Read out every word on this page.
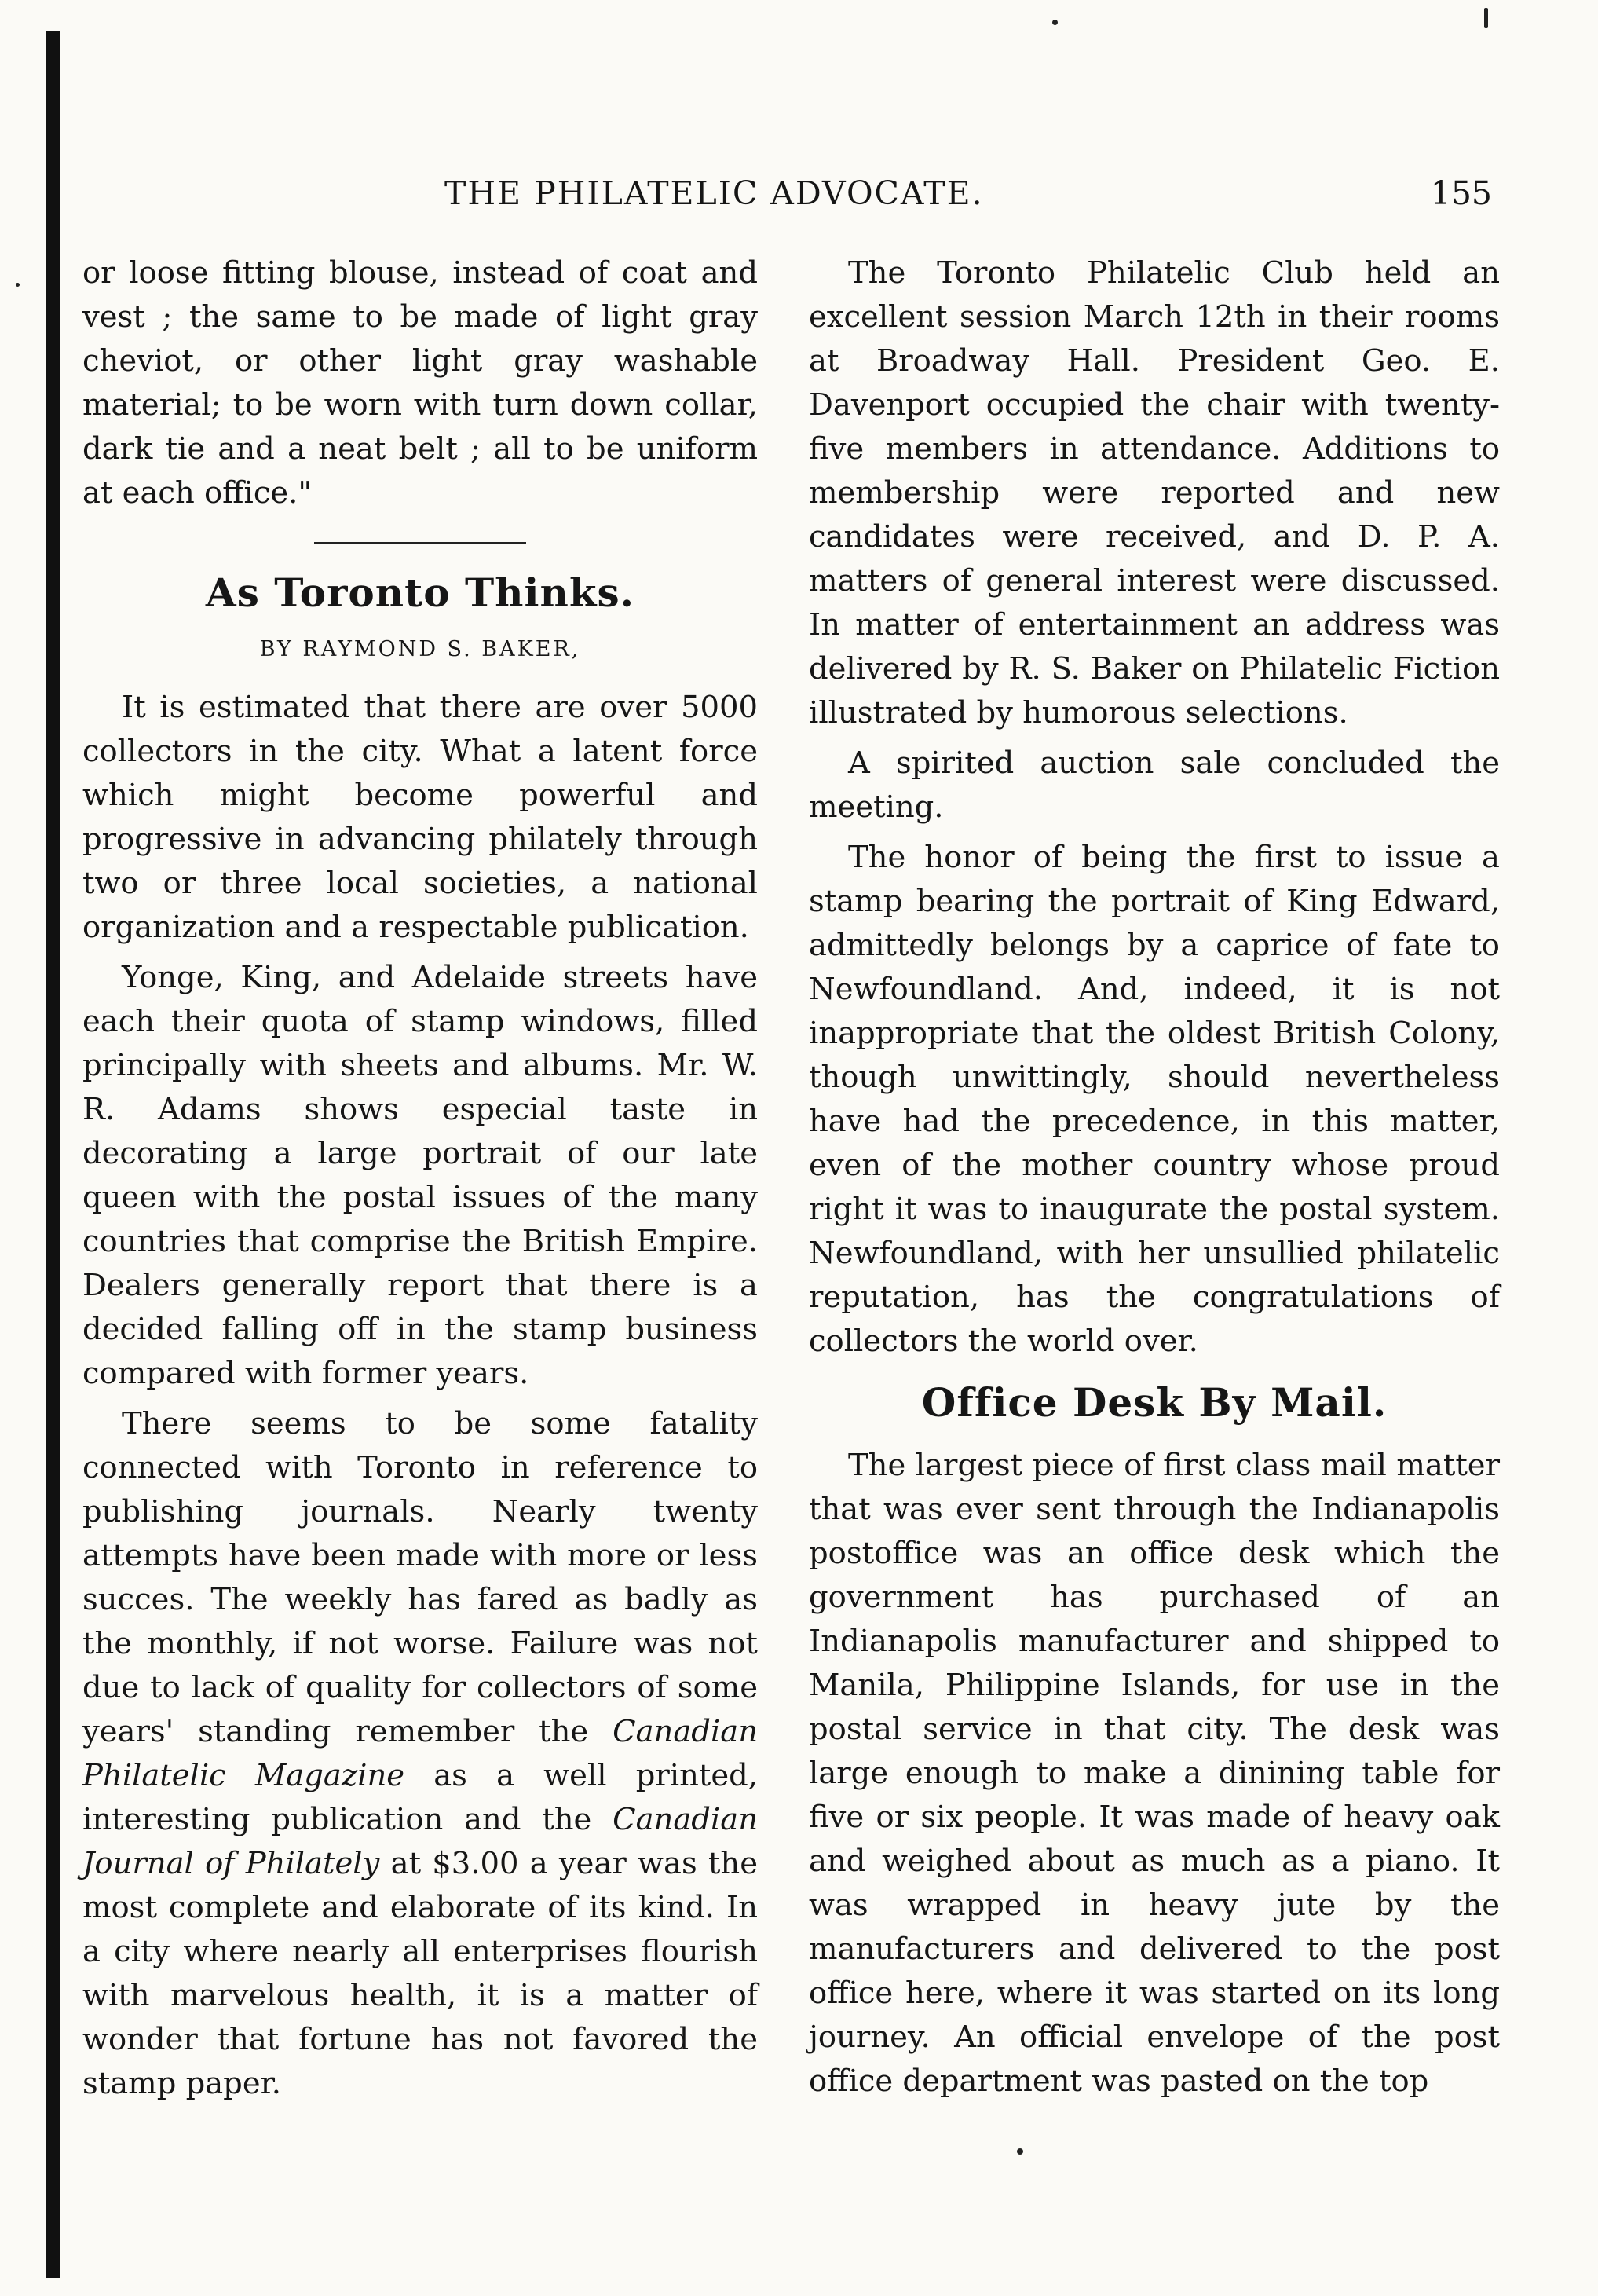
THE PHILATELIC ADVOCATE.	155

or loose fitting blouse, instead of coat and vest ; the same to be made of light gray cheviot, or other light gray washable material; to be worn with turn down collar, dark tie and a neat belt ; all to be uniform at each office."

As Toronto Thinks.
BY RAYMOND S. BAKER,

It is estimated that there are over 5000 collectors in the city. What a latent force which might become powerful and progressive in advancing philately through two or three local societies, a national organization and a respectable publication.

Yonge, King, and Adelaide streets have each their quota of stamp windows, filled principally with sheets and albums. Mr. W. R. Adams shows especial taste in decorating a large portrait of our late queen with the postal issues of the many countries that comprise the British Empire. Dealers generally report that there is a decided falling off in the stamp business compared with former years.

There seems to be some fatality connected with Toronto in reference to publishing journals. Nearly twenty attempts have been made with more or less succes. The weekly has fared as badly as the monthly, if not worse. Failure was not due to lack of quality for collectors of some years' standing remember the Canadian Philatelic Magazine as a well printed, interesting publication and the Canadian Journal of Philately at $3.00 a year was the most complete and elaborate of its kind. In a city where nearly all enterprises flourish with marvelous health, it is a matter of wonder that fortune has not favored the stamp paper.

The Toronto Philatelic Club held an excellent session March 12th in their rooms at Broadway Hall. President Geo. E. Davenport occupied the chair with twenty-five members in attendance. Additions to membership were reported and new candidates were received, and D. P. A. matters of general interest were discussed. In matter of entertainment an address was delivered by R. S. Baker on Philatelic Fiction illustrated by humorous selections.

A spirited auction sale concluded the meeting.

The honor of being the first to issue a stamp bearing the portrait of King Edward, admittedly belongs by a caprice of fate to Newfoundland. And, indeed, it is not inappropriate that the oldest British Colony, though unwittingly, should nevertheless have had the precedence, in this matter, even of the mother country whose proud right it was to inaugurate the postal system. Newfoundland, with her unsullied philatelic reputation, has the congratulations of collectors the world over.

Office Desk By Mail.

The largest piece of first class mail matter that was ever sent through the Indianapolis postoffice was an office desk which the government has purchased of an Indianapolis manufacturer and shipped to Manila, Philippine Islands, for use in the postal service in that city. The desk was large enough to make a dinining table for five or six people. It was made of heavy oak and weighed about as much as a piano. It was wrapped in heavy jute by the manufacturers and delivered to the post office here, where it was started on its long journey. An official envelope of the post office department was pasted on the top
